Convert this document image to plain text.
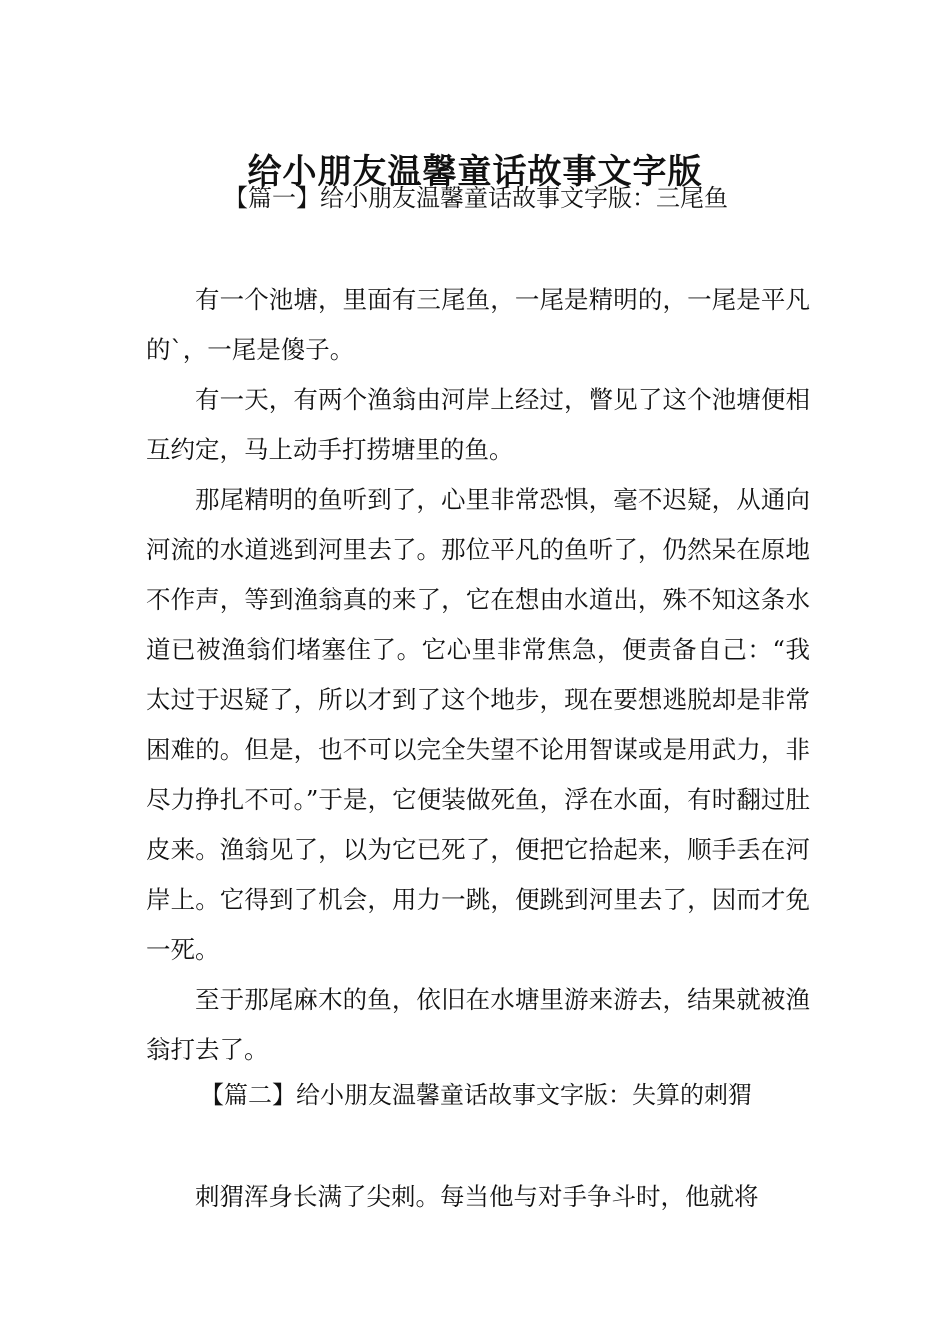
给小朋友温馨童话故事文字版
【篇一】给小朋友温馨童话故事文字版：三尾鱼

有一个池塘，里面有三尾鱼，一尾是精明的，一尾是平凡的`，一尾是傻子。

有一天，有两个渔翁由河岸上经过，瞥见了这个池塘便相互约定，马上动手打捞塘里的鱼。

那尾精明的鱼听到了，心里非常恐惧，毫不迟疑，从通向河流的水道逃到河里去了。那位平凡的鱼听了，仍然呆在原地不作声，等到渔翁真的来了，它在想由水道出，殊不知这条水道已被渔翁们堵塞住了。它心里非常焦急，便责备自己：“我太过于迟疑了，所以才到了这个地步，现在要想逃脱却是非常困难的。但是，也不可以完全失望不论用智谋或是用武力，非尽力挣扎不可。”于是，它便装做死鱼，浮在水面，有时翻过肚皮来。渔翁见了，以为它已死了，便把它拾起来，顺手丢在河岸上。它得到了机会，用力一跳，便跳到河里去了，因而才免一死。

至于那尾麻木的鱼，依旧在水塘里游来游去，结果就被渔翁打去了。

【篇二】给小朋友温馨童话故事文字版：失算的刺猬

刺猬浑身长满了尖刺。每当他与对手争斗时，他就将
